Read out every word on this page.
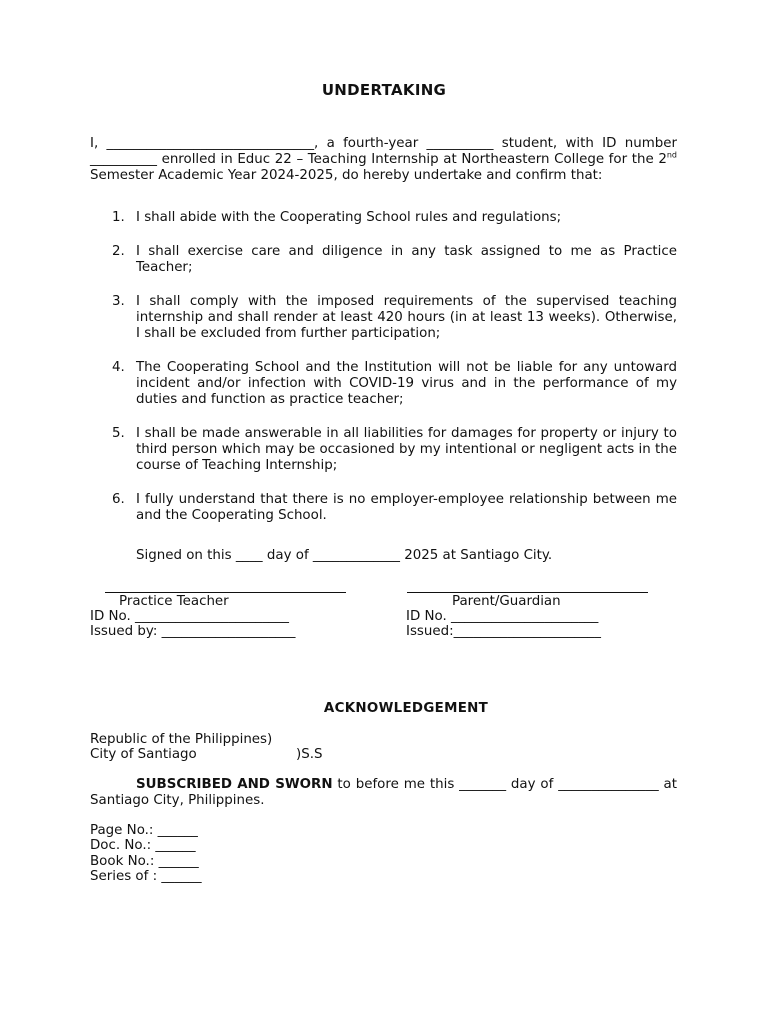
UNDERTAKING
I, _______________________________, a fourth-year __________ student, with ID number __________ enrolled in Educ 22 – Teaching Internship at Northeastern College for the 2nd Semester Academic Year 2024-2025, do hereby undertake and confirm that:
1. I shall abide with the Cooperating School rules and regulations;
2. I shall exercise care and diligence in any task assigned to me as Practice Teacher;
3. I shall comply with the imposed requirements of the supervised teaching internship and shall render at least 420 hours (in at least 13 weeks). Otherwise, I shall be excluded from further participation;
4. The Cooperating School and the Institution will not be liable for any untoward incident and/or infection with COVID-19 virus and in the performance of my duties and function as practice teacher;
5. I shall be made answerable in all liabilities for damages for property or injury to third person which may be occasioned by my intentional or negligent acts in the course of Teaching Internship;
6. I fully understand that there is no employer-employee relationship between me and the Cooperating School.
Signed on this ____ day of _____________ 2025 at Santiago City.
Practice Teacher
ID No. _______________________
Issued by: ____________________
Parent/Guardian
ID No. ______________________
Issued:______________________
ACKNOWLEDGEMENT
Republic of the Philippines)
City of Santiago	)S.S
SUBSCRIBED AND SWORN to before me this _______ day of _______________ at Santiago City, Philippines.
Page No.: ______
Doc. No.: ______
Book No.: ______
Series of : ______
